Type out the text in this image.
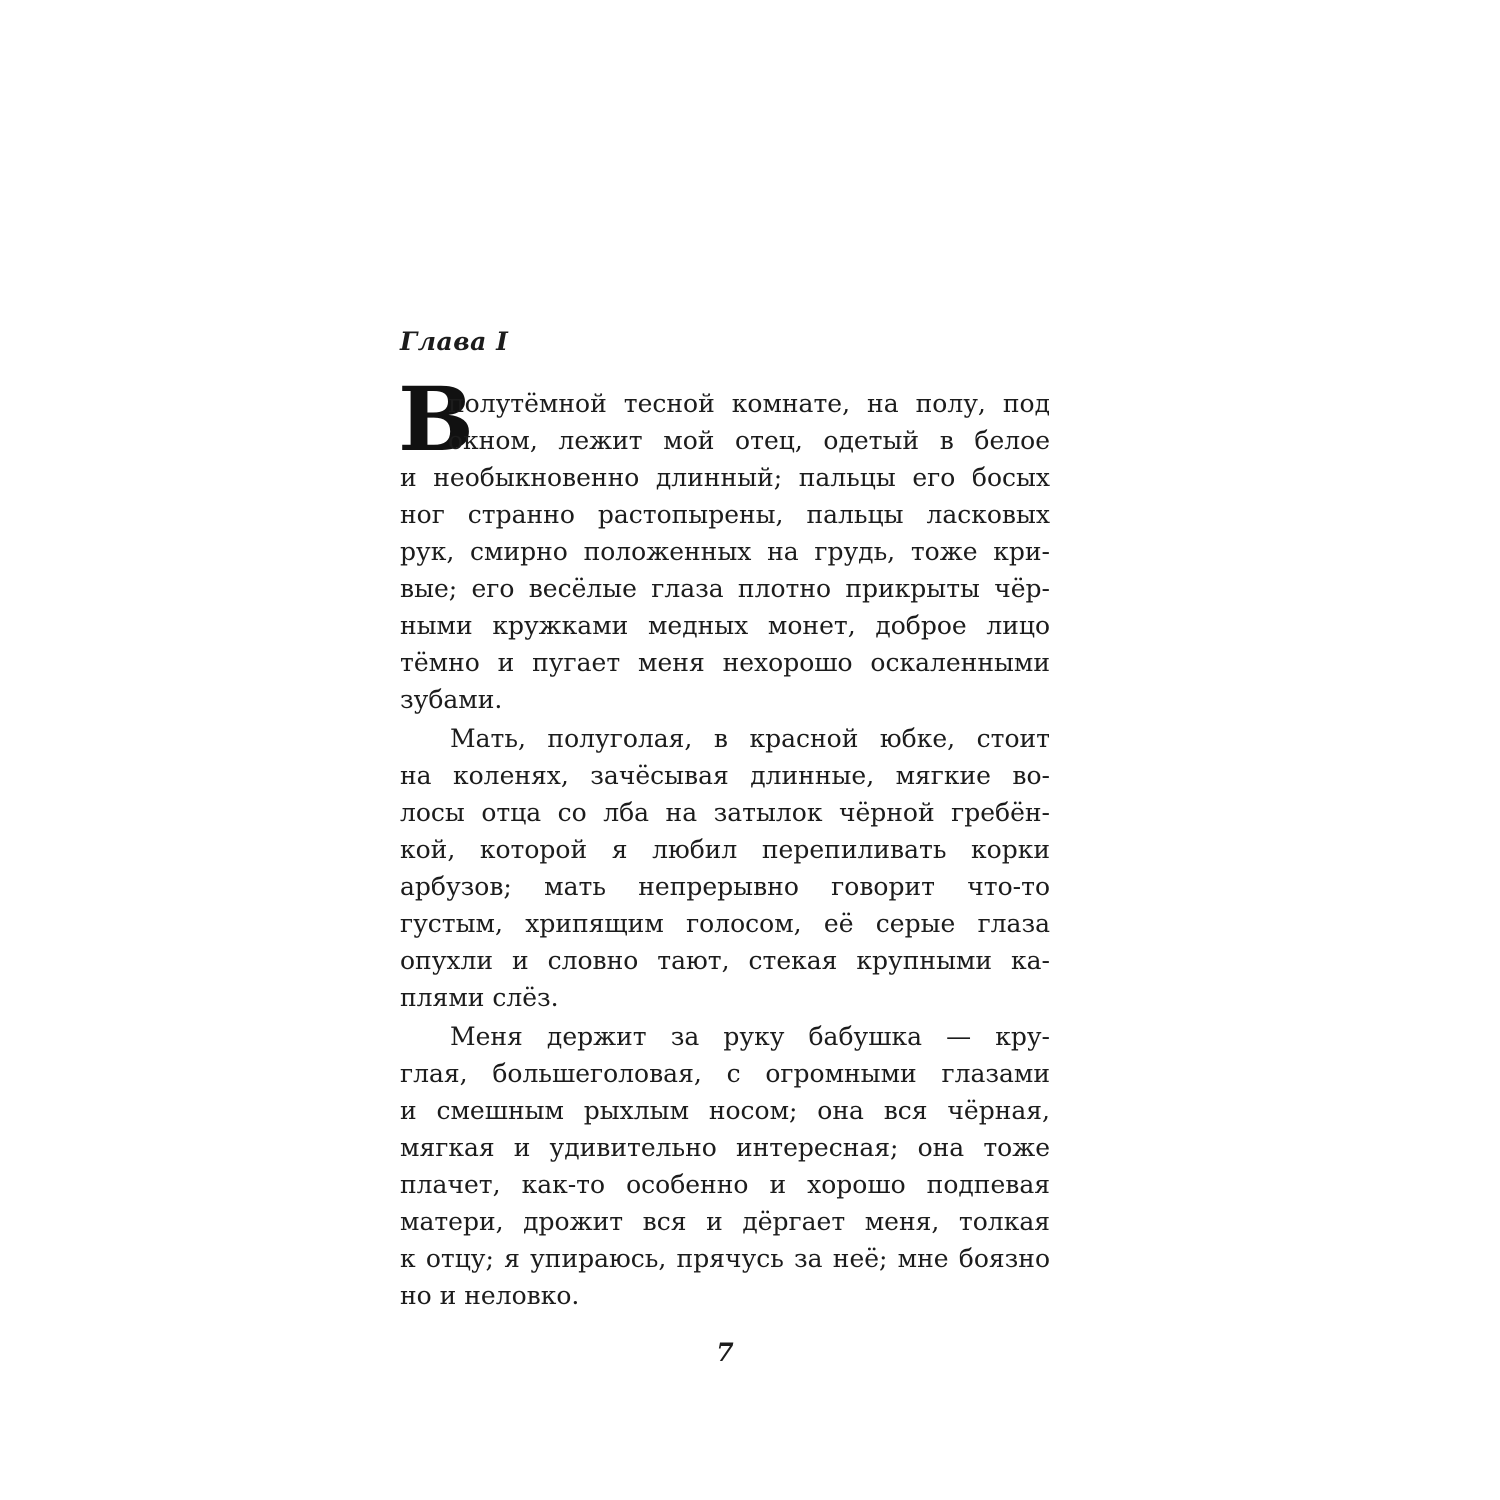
Глава I
В

полутёмной тесной комнате, на полу, под

окном, лежит мой отец, одетый в белое

и необыкновенно длинный; пальцы его босых

ног странно растопырены, пальцы ласковых

рук, смирно положенных на грудь, тоже кри-

вые; его весёлые глаза плотно прикрыты чёр-

ными кружками медных монет, доброе лицо

тёмно и пугает меня нехорошо оскаленными

зубами.

Мать, полуголая, в красной юбке, стоит

на коленях, зачёсывая длинные, мягкие во-

лосы отца со лба на затылок чёрной гребён-

кой, которой я любил перепиливать корки

арбузов; мать непрерывно говорит что-то

густым, хрипящим голосом, её серые глаза

опухли и словно тают, стекая крупными ка-

плями слёз.

Меня держит за руку бабушка — кру-

глая, большеголовая, с огромными глазами

и смешным рыхлым носом; она вся чёрная,

мягкая и удивительно интересная; она тоже

плачет, как-то особенно и хорошо подпевая

матери, дрожит вся и дёргает меня, толкая

к отцу; я упираюсь, прячусь за неё; мне боязно

но и неловко.

7
